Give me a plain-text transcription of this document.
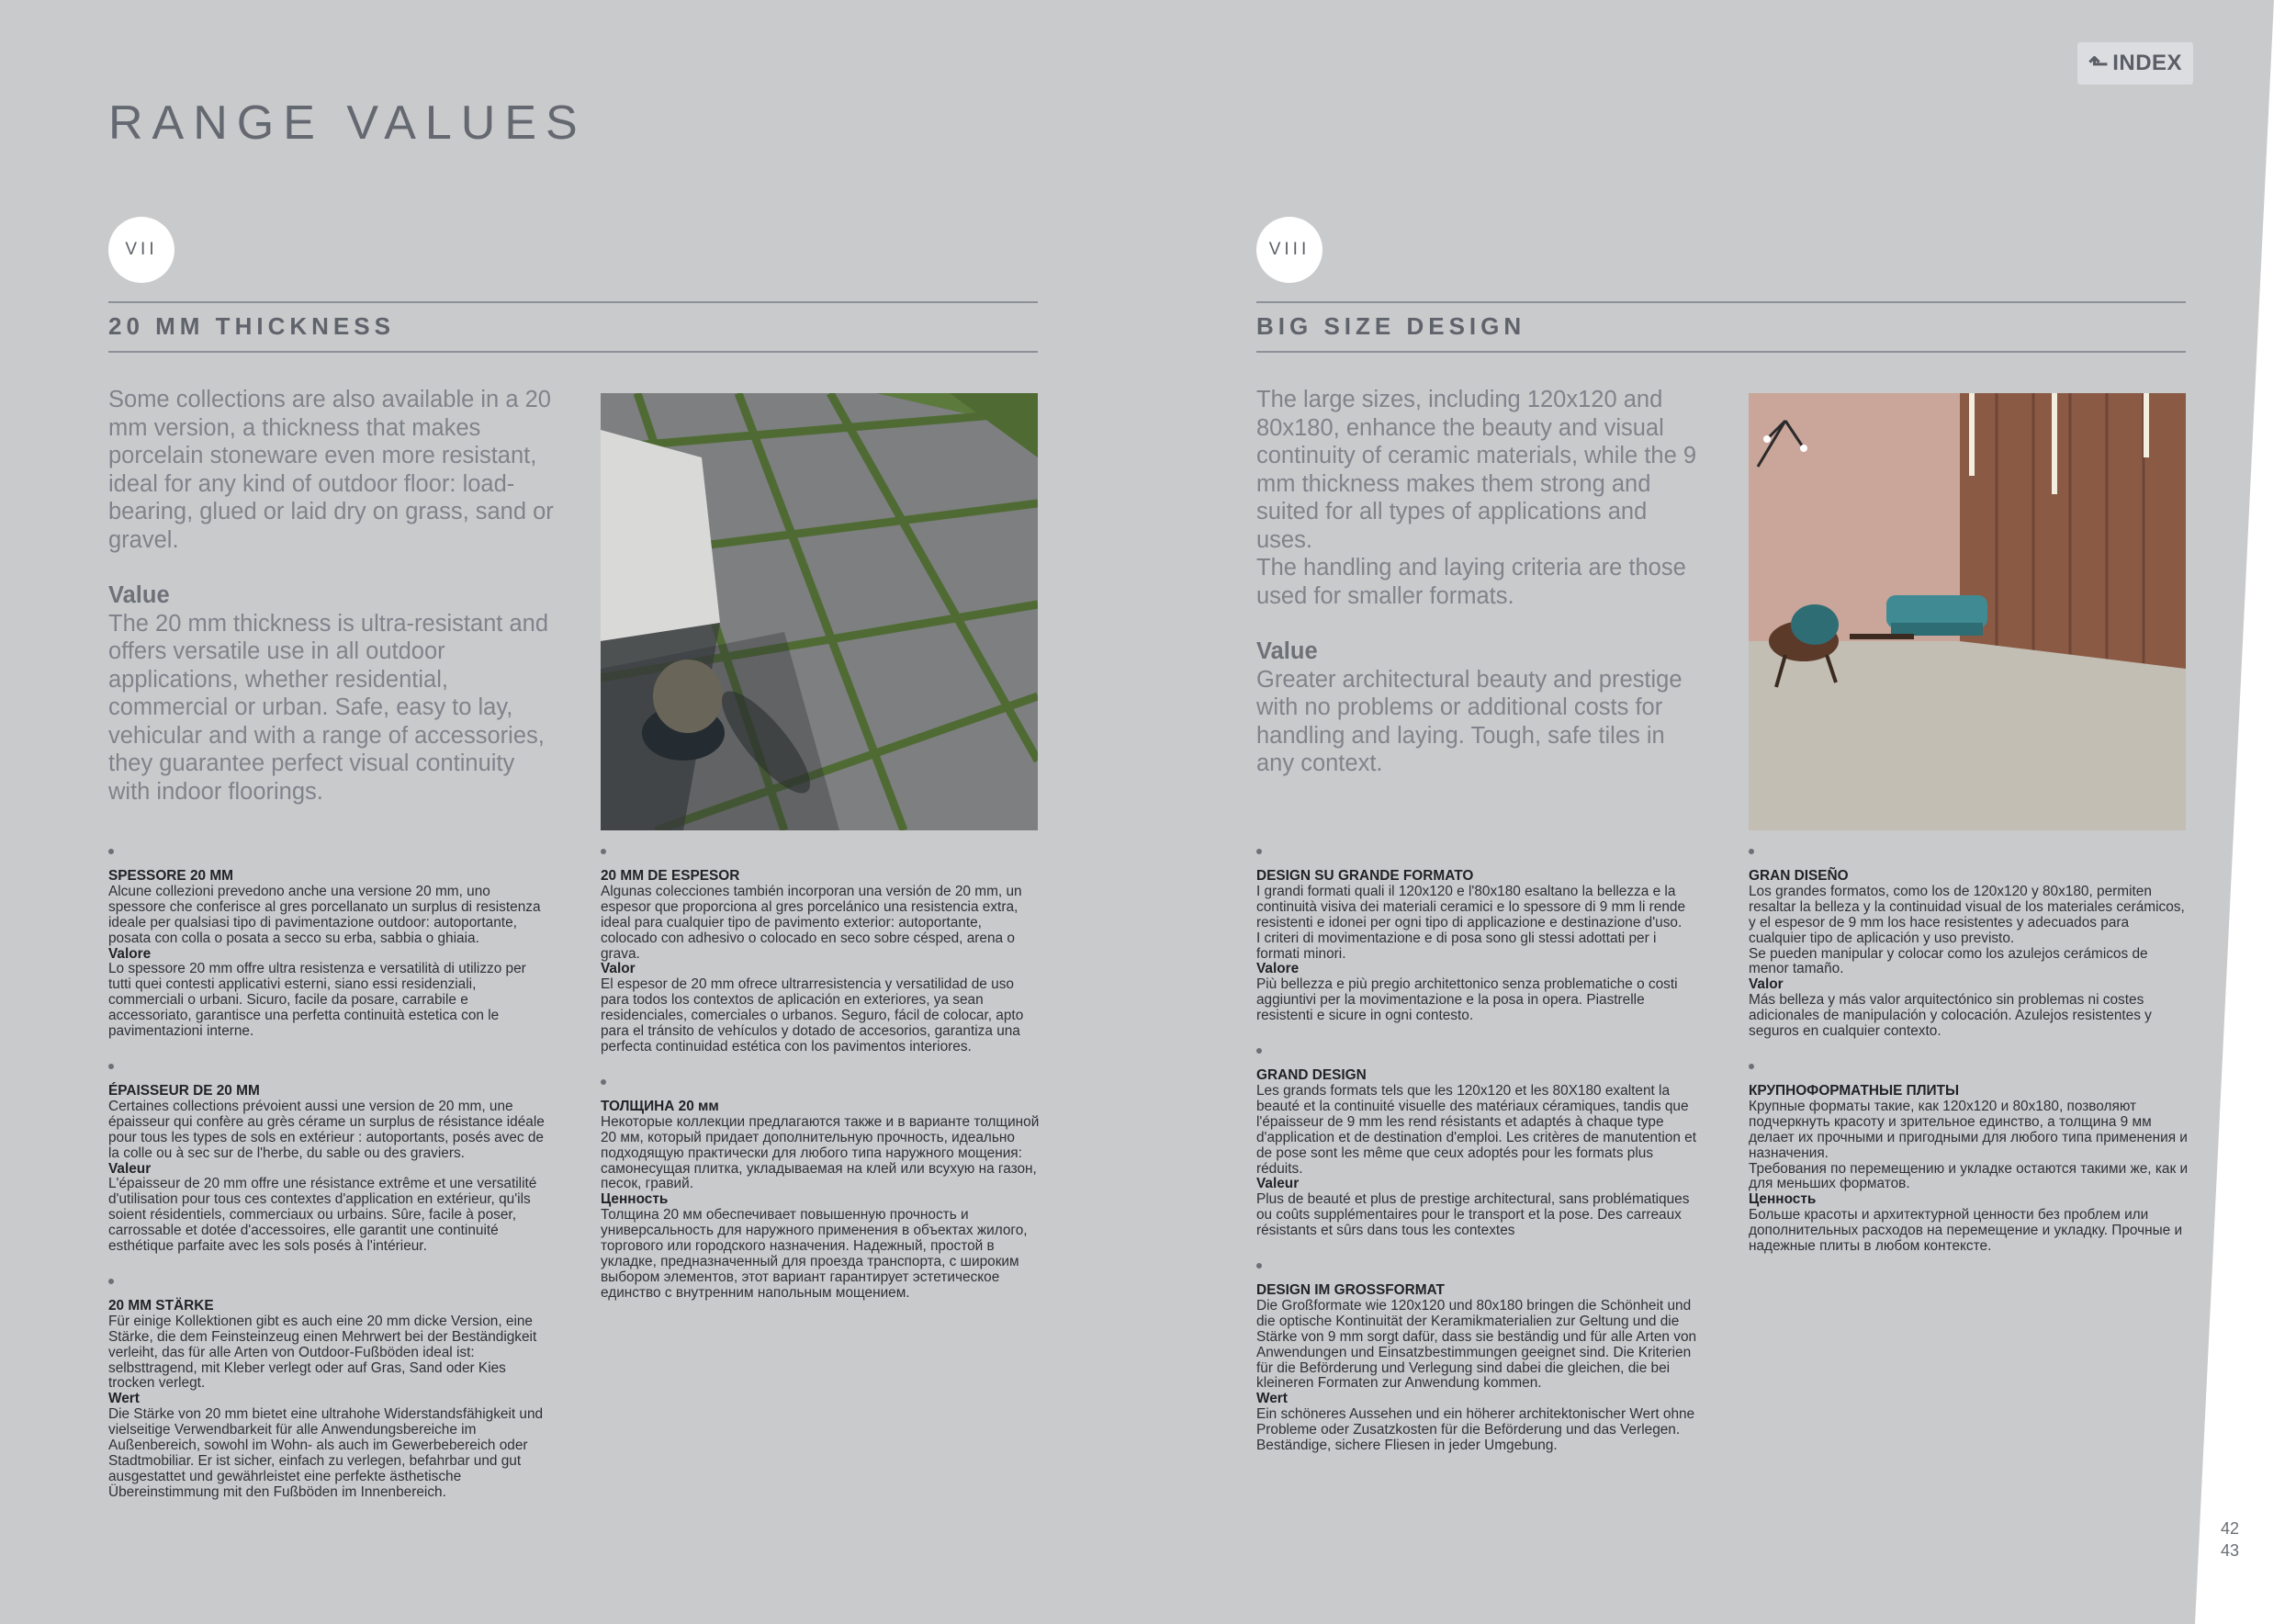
⬑ INDEX
RANGE VALUES
VII
20 MM THICKNESS

Some collections are also available in a 20 mm version, a thickness that makes porcelain stoneware even more resistant, ideal for any kind of outdoor floor: load-bearing, glued or laid dry on grass, sand or gravel.

Value

The 20 mm thickness is ultra-resistant and offers versatile use in all outdoor applications, whether residential, commercial or urban. Safe, easy to lay, vehicular and with a range of accessories, they guarantee perfect visual continuity with indoor floorings.

SPESSORE 20 MM

Alcune collezioni prevedono anche una versione 20 mm, uno spessore che conferisce al gres porcellanato un surplus di resistenza ideale per qualsiasi tipo di pavimentazione outdoor: autoportante, posata con colla o posata a secco su erba, sabbia o ghiaia.

Valore

Lo spessore 20 mm offre ultra resistenza e versatilità di utilizzo per tutti quei contesti applicativi esterni, siano essi residenziali, commerciali o urbani. Sicuro, facile da posare, carrabile e accessoriato, garantisce una perfetta continuità estetica con le pavimentazioni interne.

ÉPAISSEUR DE 20 MM

Certaines collections prévoient aussi une version de 20 mm, une épaisseur qui confère au grès cérame un surplus de résistance idéale pour tous les types de sols en extérieur : autoportants, posés avec de la colle ou à sec sur de l'herbe, du sable ou des graviers.

Valeur

L'épaisseur de 20 mm offre une résistance extrême et une versatilité d'utilisation pour tous ces contextes d'application en extérieur, qu'ils soient résidentiels, commerciaux ou urbains. Sûre, facile à poser, carrossable et dotée d'accessoires, elle garantit une continuité esthétique parfaite avec les sols posés à l'intérieur.

20 MM STÄRKE

Für einige Kollektionen gibt es auch eine 20 mm dicke Version, eine Stärke, die dem Feinsteinzeug einen Mehrwert bei der Beständigkeit verleiht, das für alle Arten von Outdoor-Fußböden ideal ist: selbsttragend, mit Kleber verlegt oder auf Gras, Sand oder Kies trocken verlegt.

Wert

Die Stärke von 20 mm bietet eine ultrahohe Widerstandsfähigkeit und vielseitige Verwendbarkeit für alle Anwendungsbereiche im Außenbereich, sowohl im Wohn- als auch im Gewerbebereich oder Stadtmobiliar. Er ist sicher, einfach zu verlegen, befahrbar und gut ausgestattet und gewährleistet eine perfekte ästhetische Übereinstimmung mit den Fußböden im Innenbereich.

20 MM DE ESPESOR

Algunas colecciones también incorporan una versión de 20 mm, un espesor que proporciona al gres porcelánico una resistencia extra, ideal para cualquier tipo de pavimento exterior: autoportante, colocado con adhesivo o colocado en seco sobre césped, arena o grava.

Valor

El espesor de 20 mm ofrece ultrarresistencia y versatilidad de uso para todos los contextos de aplicación en exteriores, ya sean residenciales, comerciales o urbanos. Seguro, fácil de colocar, apto para el tránsito de vehículos y dotado de accesorios, garantiza una perfecta continuidad estética con los pavimentos interiores.

ТОЛЩИНА 20 мм

Некоторые коллекции предлагаются также и в варианте толщиной 20 мм, который придает дополнительную прочность, идеально подходящую практически для любого типа наружного мощения: самонесущая плитка, укладываемая на клей или всухую на газон, песок, гравий.

Ценность

Толщина 20 мм обеспечивает повышенную прочность и универсальность для наружного применения в объектах жилого, торгового или городского назначения. Надежный, простой в укладке, предназначенный для проезда транспорта, с широким выбором элементов, этот вариант гарантирует эстетическое единство с внутренним напольным мощением.

VIII
BIG SIZE DESIGN

The large sizes, including 120x120 and 80x180, enhance the beauty and visual continuity of ceramic materials, while the 9 mm thickness makes them strong and suited for all types of applications and uses.
The handling and laying criteria are those used for smaller formats.

Value

Greater architectural beauty and prestige with no problems or additional costs for handling and laying. Tough, safe tiles in any context.

DESIGN SU GRANDE FORMATO

I grandi formati quali il 120x120 e l'80x180 esaltano la bellezza e la continuità visiva dei materiali ceramici e lo spessore di 9 mm li rende resistenti e idonei per ogni tipo di applicazione e destinazione d'uso.
I criteri di movimentazione e di posa sono gli stessi adottati per i formati minori.

Valore

Più bellezza e più pregio architettonico senza problematiche o costi aggiuntivi per la movimentazione e la posa in opera. Piastrelle resistenti e sicure in ogni contesto.

GRAND DESIGN

Les grands formats tels que les 120x120 et les 80X180 exaltent la beauté et la continuité visuelle des matériaux céramiques, tandis que l'épaisseur de 9 mm les rend résistants et adaptés à chaque type d'application et de destination d'emploi. Les critères de manutention et de pose sont les même que ceux adoptés pour les formats plus réduits.

Valeur

Plus de beauté et plus de prestige architectural, sans problématiques ou coûts supplémentaires pour le transport et la pose. Des carreaux résistants et sûrs dans tous les contextes

DESIGN IM GROSSFORMAT

Die Großformate wie 120x120 und 80x180 bringen die Schönheit und die optische Kontinuität der Keramikmaterialien zur Geltung und die Stärke von 9 mm sorgt dafür, dass sie beständig und für alle Arten von Anwendungen und Einsatzbestimmungen geeignet sind. Die Kriterien für die Beförderung und Verlegung sind dabei die gleichen, die bei kleineren Formaten zur Anwendung kommen.

Wert

Ein schöneres Aussehen und ein höherer architektonischer Wert ohne Probleme oder Zusatzkosten für die Beförderung und das Verlegen. Beständige, sichere Fliesen in jeder Umgebung.

GRAN DISEÑO

Los grandes formatos, como los de 120x120 y 80x180, permiten resaltar la belleza y la continuidad visual de los materiales cerámicos, y el espesor de 9 mm los hace resistentes y adecuados para cualquier tipo de aplicación y uso previsto.
Se pueden manipular y colocar como los azulejos cerámicos de menor tamaño.

Valor

Más belleza y más valor arquitectónico sin problemas ni costes adicionales de manipulación y colocación. Azulejos resistentes y seguros en cualquier contexto.

КРУПНОФОРМАТНЫЕ ПЛИТЫ

Крупные форматы такие, как 120x120 и 80x180, позволяют подчеркнуть красоту и зрительное единство, а толщина 9 мм делает их прочными и пригодными для любого типа применения и назначения.
Требования по перемещению и укладке остаются такими же, как и для меньших форматов.

Ценность

Больше красоты и архитектурной ценности без проблем или дополнительных расходов на перемещение и укладку. Прочные и надежные плиты в любом контексте.

42
43
